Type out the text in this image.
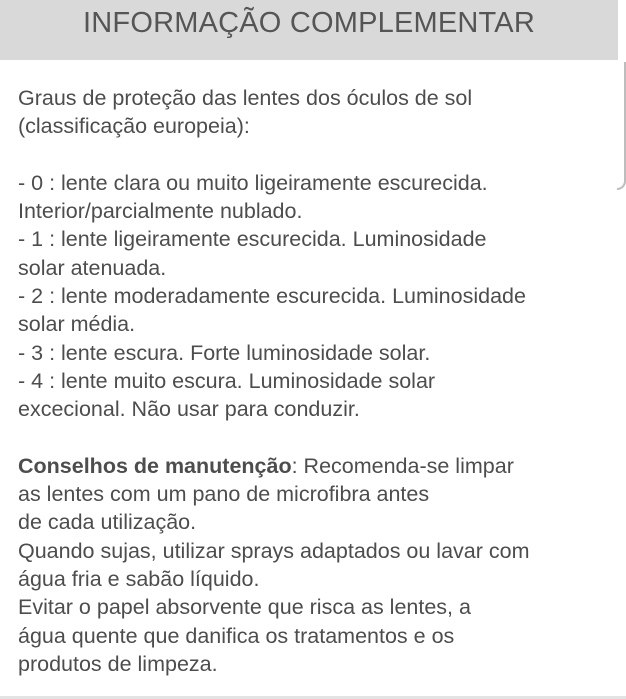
INFORMAÇÃO COMPLEMENTAR
Graus de proteção das lentes dos óculos de sol
(classificação europeia):
- 0 : lente clara ou muito ligeiramente escurecida.
Interior/parcialmente nublado.
- 1 : lente ligeiramente escurecida. Luminosidade
solar atenuada.
- 2 : lente moderadamente escurecida. Luminosidade
solar média.
- 3 : lente escura. Forte luminosidade solar.
- 4 : lente muito escura. Luminosidade solar
excecional. Não usar para conduzir.
Conselhos de manutenção: Recomenda-se limpar
as lentes com um pano de microfibra antes
de cada utilização.
Quando sujas, utilizar sprays adaptados ou lavar com
água fria e sabão líquido.
Evitar o papel absorvente que risca as lentes, a
água quente que danifica os tratamentos e os
produtos de limpeza.
